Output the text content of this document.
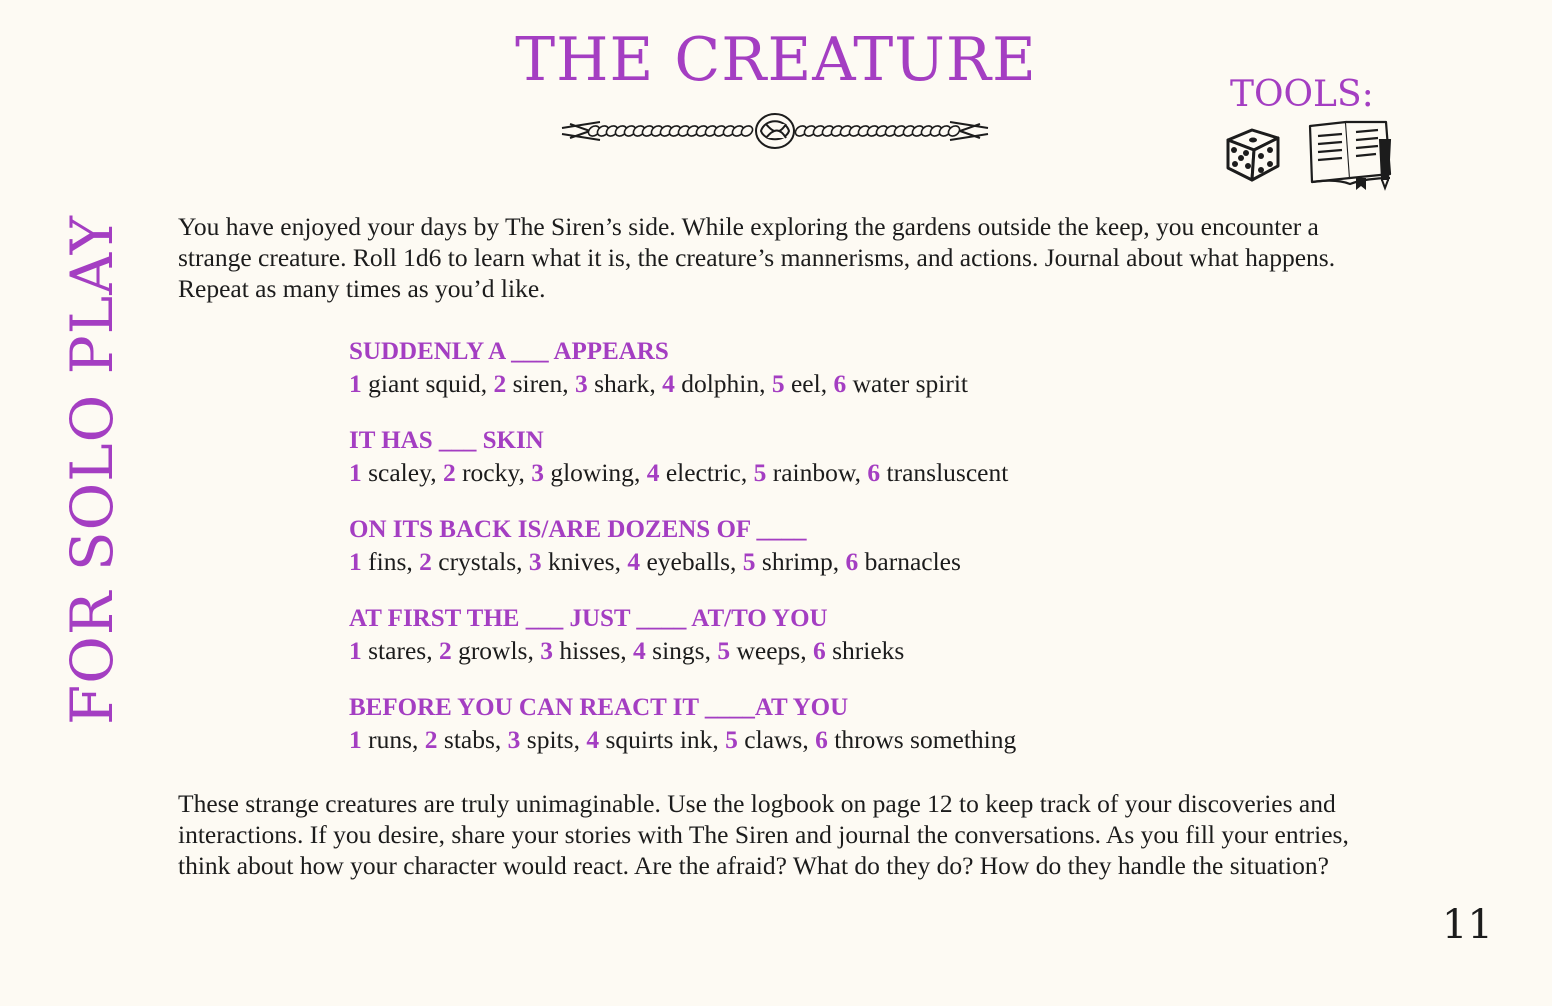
THE CREATURE	TOOLS:
FOR SOLO PLAY You have enjoyed your days by The Siren’s side. While exploring the gardens outside the keep, you encounter a strange creature. Roll 1d6 to learn what it is, the creature’s mannerisms, and actions. Journal about what happens. Repeat as many times as you’d like.

SUDDENLY A ___ APPEARS
1 giant squid, 2 siren, 3 shark, 4 dolphin, 5 eel, 6 water spirit
IT HAS ___ SKIN
1 scaley, 2 rocky, 3 glowing, 4 electric, 5 rainbow, 6 transluscent
ON ITS BACK IS/ARE DOZENS OF ____
1 fins, 2 crystals, 3 knives, 4 eyeballs, 5 shrimp, 6 barnacles
AT FIRST THE ___ JUST ____ AT/TO YOU
1 stares, 2 growls, 3 hisses, 4 sings, 5 weeps, 6 shrieks
BEFORE YOU CAN REACT IT ____AT YOU
1 runs, 2 stabs, 3 spits, 4 squirts ink, 5 claws, 6 throws something

These strange creatures are truly unimaginable. Use the logbook on page 12 to keep track of your discoveries and interactions. If you desire, share your stories with The Siren and journal the conversations. As you fill your entries, think about how your character would react. Are the afraid? What do they do? How do they handle the situation?

11
